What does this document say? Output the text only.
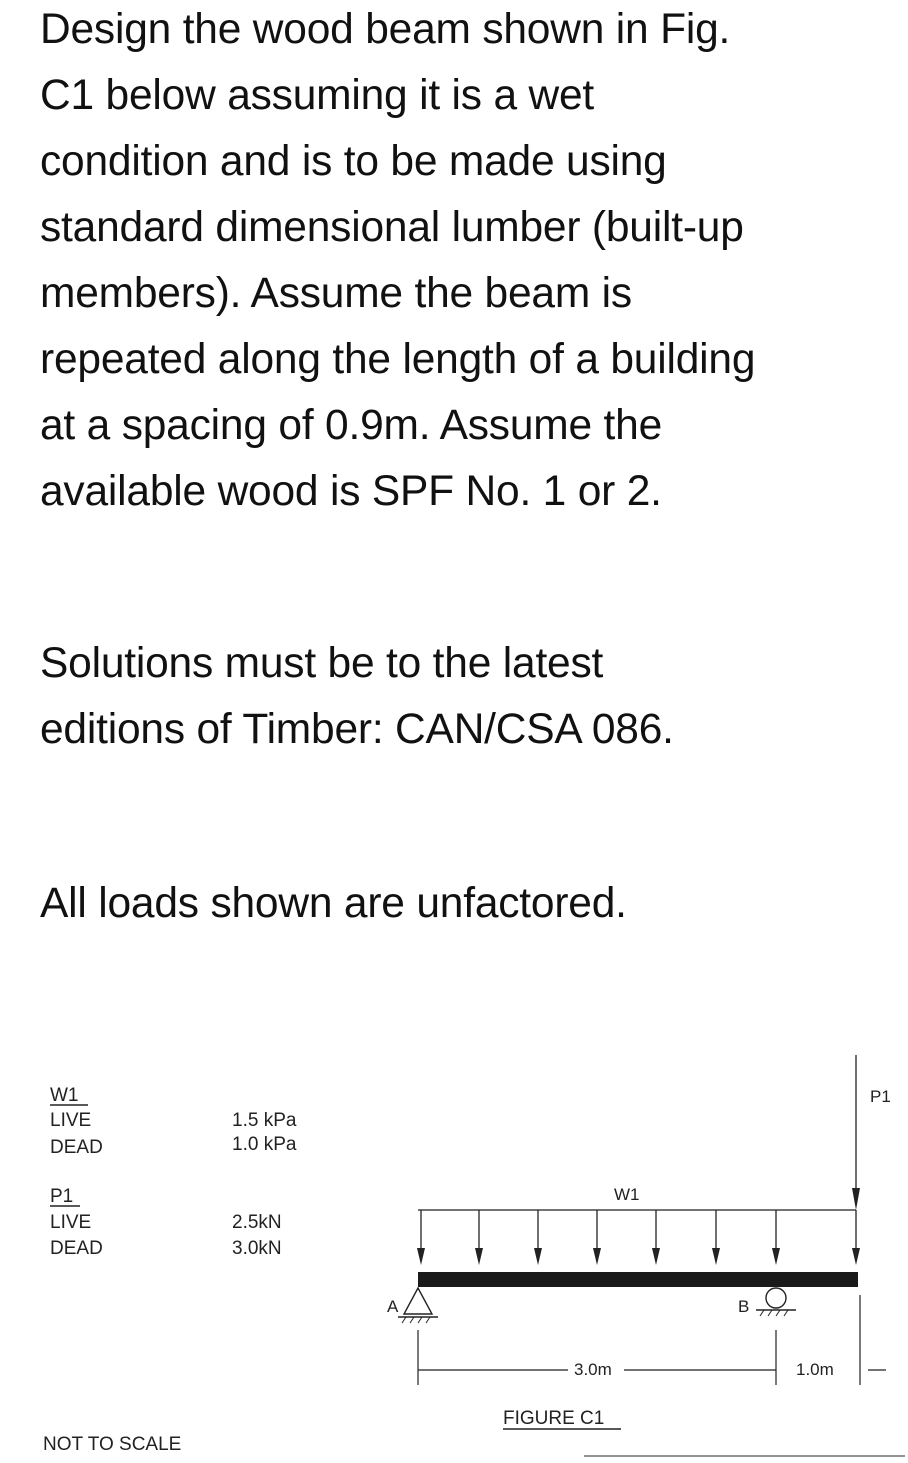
Design the wood beam shown in Fig.
C1 below assuming it is a wet
condition and is to be made using
standard dimensional lumber (built-up
members). Assume the beam is
repeated along the length of a building
at a spacing of 0.9m. Assume the
available wood is SPF No. 1 or 2.

Solutions must be to the latest
editions of Timber: CAN/CSA 086.

All loads shown are unfactored.

W1
LIVE
DEAD
1.5 kPa
1.0 kPa
P1
LIVE
DEAD
2.5kN
3.0kN
W1
P1
A	B
3.0m	1.0m
FIGURE C1
NOT TO SCALE
